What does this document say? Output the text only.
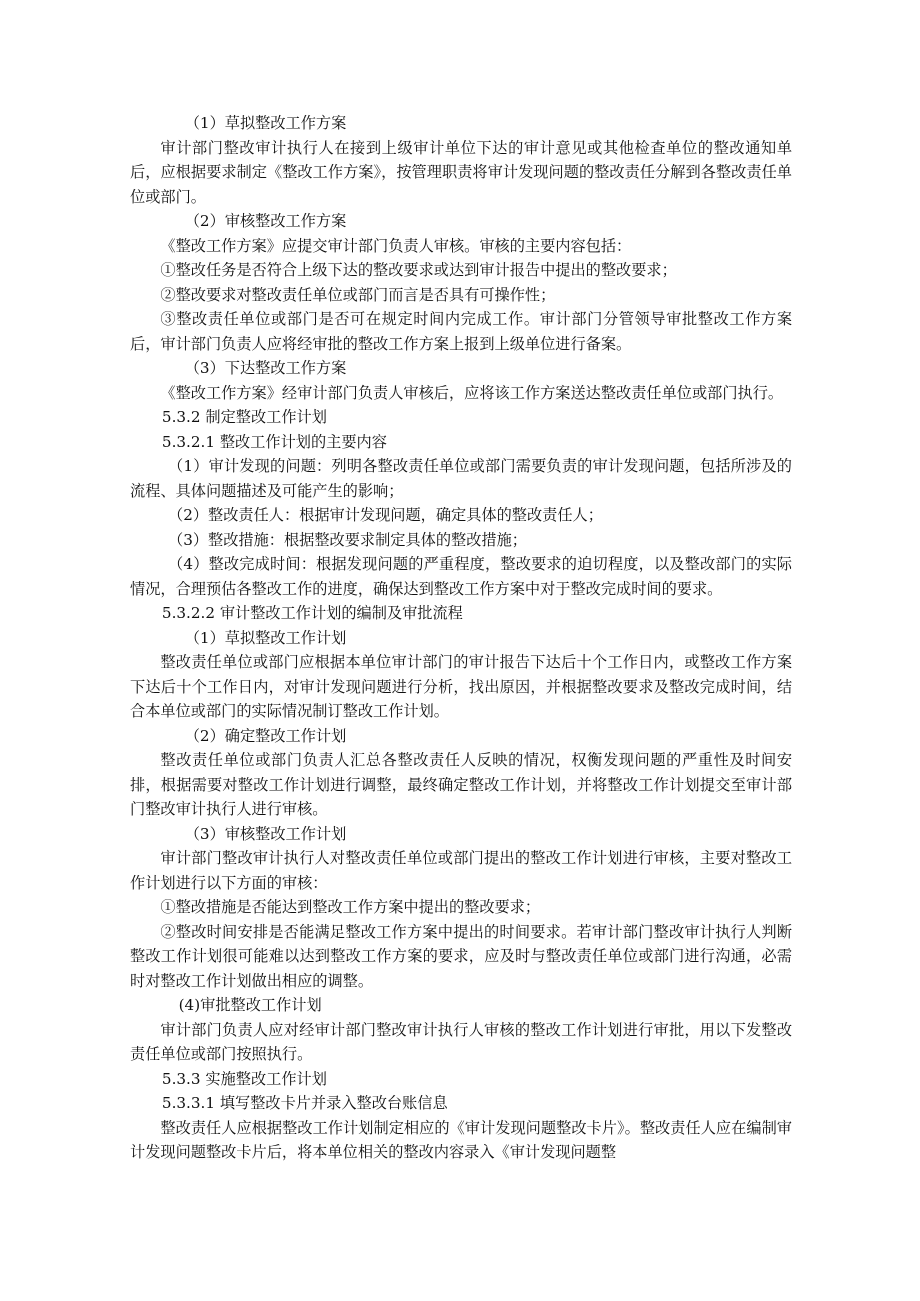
（1）草拟整改工作方案

审计部门整改审计执行人在接到上级审计单位下达的审计意见或其他检查单位的整改通知单后，应根据要求制定《整改工作方案》，按管理职责将审计发现问题的整改责任分解到各整改责任单位或部门。

（2）审核整改工作方案

《整改工作方案》应提交审计部门负责人审核。审核的主要内容包括：

①整改任务是否符合上级下达的整改要求或达到审计报告中提出的整改要求；

②整改要求对整改责任单位或部门而言是否具有可操作性；

③整改责任单位或部门是否可在规定时间内完成工作。审计部门分管领导审批整改工作方案后，审计部门负责人应将经审批的整改工作方案上报到上级单位进行备案。

（3）下达整改工作方案

《整改工作方案》经审计部门负责人审核后，应将该工作方案送达整改责任单位或部门执行。

5.3.2 制定整改工作计划

5.3.2.1 整改工作计划的主要内容

（1）审计发现的问题：列明各整改责任单位或部门需要负责的审计发现问题，包括所涉及的流程、具体问题描述及可能产生的影响；

（2）整改责任人：根据审计发现问题，确定具体的整改责任人；

（3）整改措施：根据整改要求制定具体的整改措施；

（4）整改完成时间：根据发现问题的严重程度，整改要求的迫切程度，以及整改部门的实际情况，合理预估各整改工作的进度，确保达到整改工作方案中对于整改完成时间的要求。

5.3.2.2 审计整改工作计划的编制及审批流程

（1）草拟整改工作计划

整改责任单位或部门应根据本单位审计部门的审计报告下达后十个工作日内，或整改工作方案下达后十个工作日内，对审计发现问题进行分析，找出原因，并根据整改要求及整改完成时间，结合本单位或部门的实际情况制订整改工作计划。

（2）确定整改工作计划

整改责任单位或部门负责人汇总各整改责任人反映的情况，权衡发现问题的严重性及时间安排，根据需要对整改工作计划进行调整，最终确定整改工作计划，并将整改工作计划提交至审计部门整改审计执行人进行审核。

（3）审核整改工作计划

审计部门整改审计执行人对整改责任单位或部门提出的整改工作计划进行审核，主要对整改工作计划进行以下方面的审核：

①整改措施是否能达到整改工作方案中提出的整改要求；

②整改时间安排是否能满足整改工作方案中提出的时间要求。若审计部门整改审计执行人判断整改工作计划很可能难以达到整改工作方案的要求，应及时与整改责任单位或部门进行沟通，必需时对整改工作计划做出相应的调整。

(4)审批整改工作计划

审计部门负责人应对经审计部门整改审计执行人审核的整改工作计划进行审批，用以下发整改责任单位或部门按照执行。

5.3.3 实施整改工作计划

5.3.3.1 填写整改卡片并录入整改台账信息

整改责任人应根据整改工作计划制定相应的《审计发现问题整改卡片》。整改责任人应在编制审计发现问题整改卡片后，将本单位相关的整改内容录入《审计发现问题整
